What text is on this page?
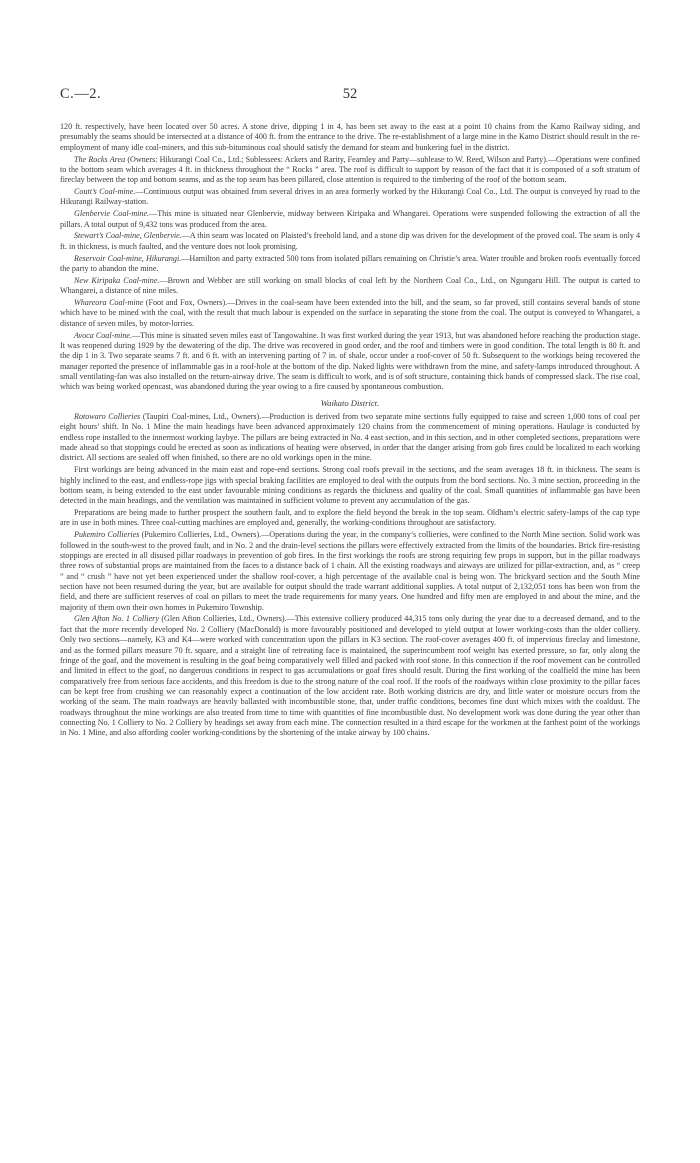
C.—2.	52

120 ft. respectively, have been located over 50 acres. A stone drive, dipping 1 in 4, has been set away to the east at a point 10 chains from the Kamo Railway siding, and presumably the seams should be intersected at a distance of 400 ft. from the entrance to the drive. The re-establishment of a large mine in the Kamo District should result in the re-employment of many idle coal-miners, and this sub-bituminous coal should satisfy the demand for steam and bunkering fuel in the district.

The Rocks Area (Owners: Hikurangi Coal Co., Ltd.; Sublessees: Ackers and Rarity, Fearnley and Party—sublease to W. Reed, Wilson and Party).—Operations were confined to the bottom seam which averages 4 ft. in thickness throughout the “ Rocks ” area. The roof is difficult to support by reason of the fact that it is composed of a soft stratum of fireclay between the top and bottom seams, and as the top seam has been pillared, close attention is required to the timbering of the roof of the bottom seam.

Coutt’s Coal-mine.—Continuous output was obtained from several drives in an area formerly worked by the Hikurangi Coal Co., Ltd. The output is conveyed by road to the Hikurangi Railway-station.

Glenbervie Coal-mine.—This mine is situated near Glenbervie, midway between Kiripaka and Whangarei. Operations were suspended following the extraction of all the pillars. A total output of 9,432 tons was produced from the area.

Stewart’s Coal-mine, Glenbervie.—A thin seam was located on Plaisted’s freehold land, and a stone dip was driven for the development of the proved coal. The seam is only 4 ft. in thickness, is much faulted, and the venture does not look promising.

Reservoir Coal-mine, Hikurangi.—Hamilton and party extracted 500 tons from isolated pillars remaining on Christie’s area. Water trouble and broken roofs eventually forced the party to abandon the mine.

New Kiripaka Coal-mine.—Brown and Webber are still working on small blocks of coal left by the Northern Coal Co., Ltd., on Ngungaru Hill. The output is carted to Whangarei, a distance of nine miles.

Whareora Coal-mine (Foot and Fox, Owners).—Drives in the coal-seam have been extended into the hill, and the seam, so far proved, still contains several bands of stone which have to be mined with the coal, with the result that much labour is expended on the surface in separating the stone from the coal. The output is conveyed to Whangarei, a distance of seven miles, by motor-lorries.

Avoca Coal-mine.—This mine is situated seven miles east of Tangowahine. It was first worked during the year 1913, but was abandoned before reaching the production stage. It was reopened during 1929 by the dewatering of the dip. The drive was recovered in good order, and the roof and timbers were in good condition. The total length is 80 ft. and the dip 1 in 3. Two separate seams 7 ft. and 6 ft. with an intervening parting of 7 in. of shale, occur under a roof-cover of 50 ft. Subsequent to the workings being recovered the manager reported the presence of inflammable gas in a roof-hole at the bottom of the dip. Naked lights were withdrawn from the mine, and safety-lamps introduced throughout. A small ventilating-fan was also installed on the return-airway drive. The seam is difficult to work, and is of soft structure, containing thick bands of compressed slack. The rise coal, which was being worked opencast, was abandoned during the year owing to a fire caused by spontaneous combustion.

Waikato District.

Rotowaro Collieries (Taupiri Coal-mines, Ltd., Owners).—Production is derived from two separate mine sections fully equipped to raise and screen 1,000 tons of coal per eight hours’ shift. In No. 1 Mine the main headings have been advanced approximately 120 chains from the commencement of mining operations. Haulage is conducted by endless rope installed to the innermost working laybye. The pillars are being extracted in No. 4 east section, and in this section, and in other completed sections, preparations were made ahead so that stoppings could be erected as soon as indications of heating were observed, in order that the danger arising from gob fires could be localized to each working district. All sections are sealed off when finished, so there are no old workings open in the mine.

First workings are being advanced in the main east and rope-end sections. Strong coal roofs prevail in the sections, and the seam averages 18 ft. in thickness. The seam is highly inclined to the east, and endless-rope jigs with special braking facilities are employed to deal with the outputs from the bord sections. No. 3 mine section, proceeding in the bottom seam, is being extended to the east under favourable mining conditions as regards the thickness and quality of the coal. Small quantities of inflammable gas have been detected in the main headings, and the ventilation was maintained in sufficient volume to prevent any accumulation of the gas.

Preparations are being made to further prospect the southern fault, and to explore the field beyond the break in the top seam. Oldham’s electric safety-lamps of the cap type are in use in both mines. Three coal-cutting machines are employed and, generally, the working-conditions throughout are satisfactory.

Pukemiro Collieries (Pukemiro Collieries, Ltd., Owners).—Operations during the year, in the company’s collieries, were confined to the North Mine section. Solid work was followed in the south-west to the proved fault, and in No. 2 and the drain-level sections the pillars were effectively extracted from the limits of the boundaries. Brick fire-resisting stoppings are erected in all disused pillar roadways in prevention of gob fires. In the first workings the roofs are strong requiring few props in support, but in the pillar roadways three rows of substantial props are maintained from the faces to a distance back of 1 chain. All the existing roadways and airways are utilized for pillar-extraction, and, as “ creep ” and “ crush ” have not yet been experienced under the shallow roof-cover, a high percentage of the available coal is being won. The brickyard section and the South Mine section have not been resumed during the year, but are available for output should the trade warrant additional supplies. A total output of 2,132,051 tons has been won from the field, and there are sufficient reserves of coal on pillars to meet the trade requirements for many years. One hundred and fifty men are employed in and about the mine, and the majority of them own their own homes in Pukemiro Township.

Glen Afton No. 1 Colliery (Glen Afton Collieries, Ltd., Owners).—This extensive colliery produced 44,315 tons only during the year due to a decreased demand, and to the fact that the more recently developed No. 2 Colliery (MacDonald) is more favourably positioned and developed to yield output at lower working-costs than the older colliery. Only two sections—namely, K3 and K4—were worked with concentration upon the pillars in K3 section. The roof-cover averages 400 ft. of impervious fireclay and limestone, and as the formed pillars measure 70 ft. square, and a straight line of retreating face is maintained, the superincumbent roof weight has exerted pressure, so far, only along the fringe of the goaf, and the movement is resulting in the goaf being comparatively well filled and packed with roof stone. In this connection if the roof movement can be controlled and limited in effect to the goaf, no dangerous conditions in respect to gas accumulations or goaf fires should result. During the first working of the coalfield the mine has been comparatively free from serious face accidents, and this freedom is due to the strong nature of the coal roof. If the roofs of the roadways within close proximity to the pillar faces can be kept free from crushing we can reasonably expect a continuation of the low accident rate. Both working districts are dry, and little water or moisture occurs from the working of the seam. The main roadways are heavily ballasted with incombustible stone, that, under traffic conditions, becomes fine dust which mixes with the coaldust. The roadways throughout the mine workings are also treated from time to time with quantities of fine incombustible dust. No development work was done during the year other than connecting No. 1 Colliery to No. 2 Colliery by headings set away from each mine. The connection resulted in a third escape for the workmen at the farthest point of the workings in No. 1 Mine, and also affording cooler working-conditions by the shortening of the intake airway by 100 chains.
